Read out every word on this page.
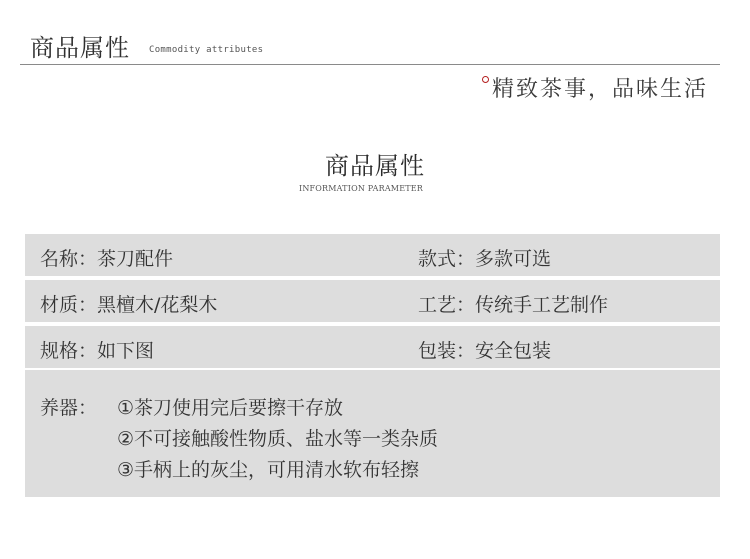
商品属性 Commodity attributes
精致茶事，品味生活
商品属性
INFORMATION PARAMETER
名称：茶刀配件	款式：多款可选
材质：黑檀木/花梨木	工艺：传统手工艺制作
规格：如下图	包装：安全包装
养器： ①茶刀使用完后要擦干存放
②不可接触酸性物质、盐水等一类杂质
③手柄上的灰尘，可用清水软布轻擦
